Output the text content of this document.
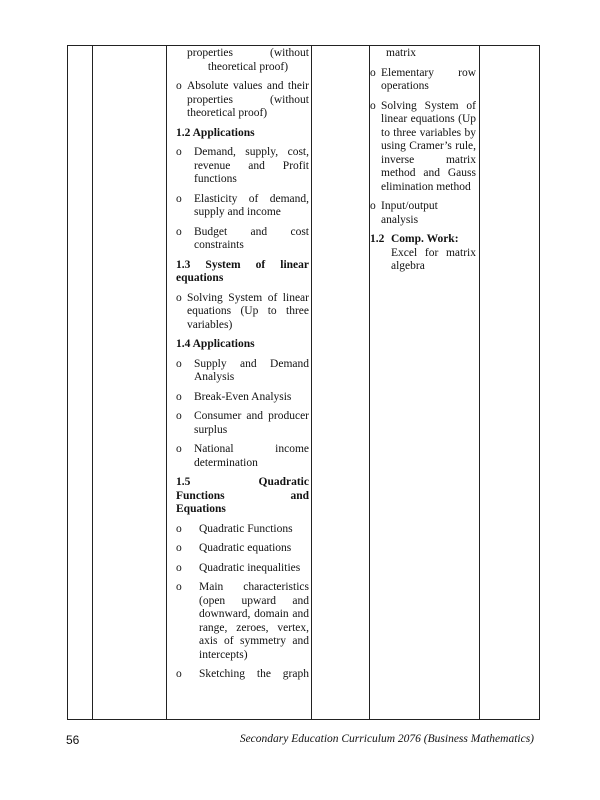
properties	(without
theoretical proof)
o Absolute values and their properties (without theoretical proof)
1.2 Applications
o	Demand, supply, cost, revenue and Profit functions
o	Elasticity of demand, supply and income
o	Budget and cost constraints
1.3 System of linear equations
o Solving System of linear equations (Up to three variables)
1.4 Applications
o	Supply and Demand Analysis
o	Break-Even Analysis
o	Consumer and producer surplus
o	National income determination
1.5	Quadratic
Functions	and
Equations
o	Quadratic Functions
o	Quadratic equations
o	Quadratic inequalities
o	Main characteristics (open upward and downward, domain and range, zeroes, vertex, axis of symmetry and intercepts)
o	Sketching the graph
matrix
o Elementary row operations
o Solving System of linear equations (Up to three variables by using Cramer’s rule, inverse matrix method and Gauss elimination method
o Input/output analysis
1.2 Comp. Work:
Excel for matrix algebra
56	Secondary Education Curriculum 2076 (Business Mathematics)
